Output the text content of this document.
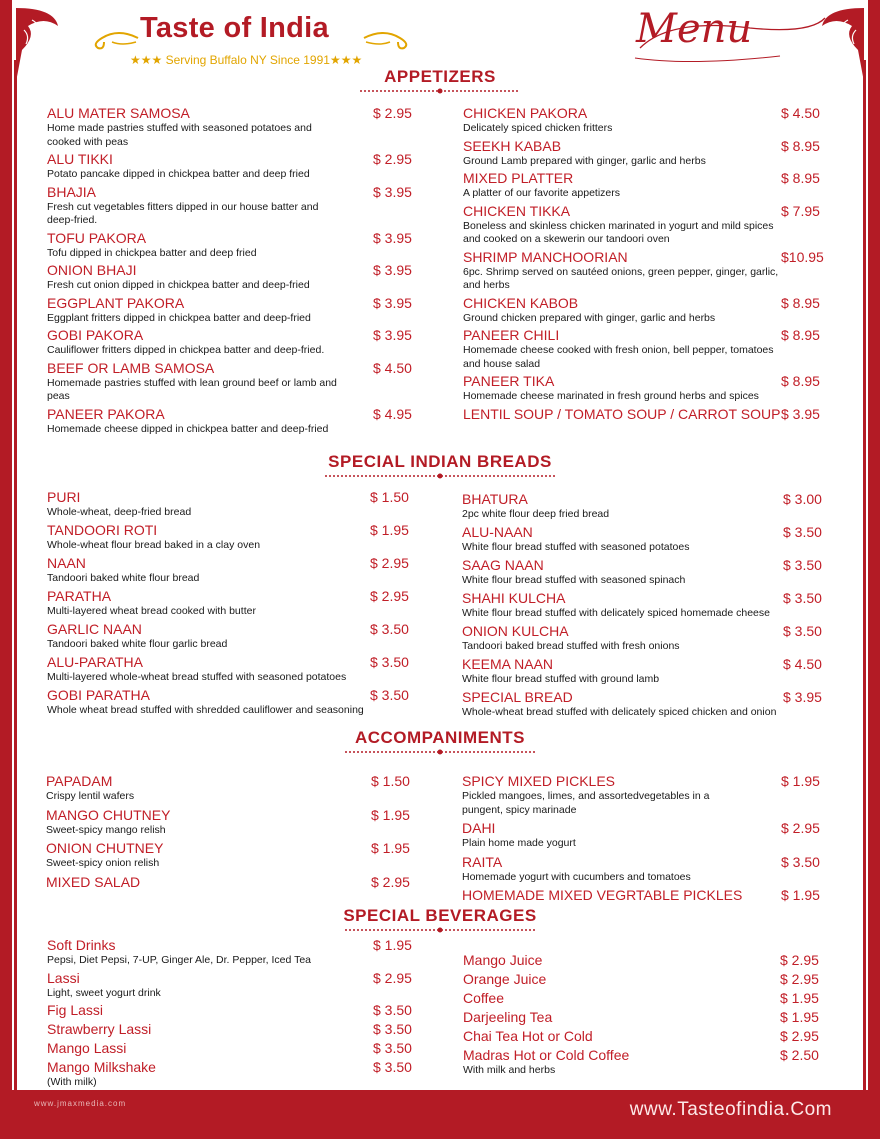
Taste of India
★★★ Serving Buffalo NY Since 1991★★★
Menu
APPETIZERS
SPECIAL INDIAN BREADS
ACCOMPANIMENTS
SPECIAL BEVERAGES
ALU MATER SAMOSA	$ 2.95
Home made pastries stuffed with seasoned potatoes and cooked with peas
ALU TIKKI	$ 2.95
Potato pancake dipped in chickpea batter and deep fried
BHAJIA	$ 3.95
Fresh cut vegetables fitters dipped in our house batter and deep-fried.
TOFU PAKORA	$ 3.95
Tofu dipped in chickpea batter and deep fried
ONION BHAJI	$ 3.95
Fresh cut onion dipped in chickpea batter and deep-fried
EGGPLANT PAKORA	$ 3.95
Eggplant fritters dipped in chickpea batter and deep-fried
GOBI PAKORA	$ 3.95
Cauliflower fritters dipped in chickpea batter and deep-fried.
BEEF OR LAMB SAMOSA	$ 4.50
Homemade pastries stuffed with lean ground beef or lamb and peas
PANEER PAKORA	$ 4.95
Homemade cheese dipped in chickpea batter and deep-fried
CHICKEN PAKORA	$ 4.50
Delicately spiced chicken fritters
SEEKH KABAB	$ 8.95
Ground Lamb prepared with ginger, garlic and herbs
MIXED PLATTER	$ 8.95
A platter of our favorite appetizers
CHICKEN TIKKA	$ 7.95
Boneless and skinless chicken marinated in yogurt and mild spices and cooked on a skewerin our tandoori oven
SHRIMP MANCHOORIAN	$10.95
6pc. Shrimp served on sautéed onions, green pepper, ginger, garlic, and herbs
CHICKEN KABOB	$ 8.95
Ground chicken prepared with ginger, garlic and herbs
PANEER CHILI	$ 8.95
Homemade cheese cooked with fresh onion, bell pepper, tomatoes and house salad
PANEER TIKA	$ 8.95
Homemade cheese marinated in fresh ground herbs and spices
LENTIL SOUP / TOMATO SOUP / CARROT SOUP $ 3.95
PURI	$ 1.50
Whole-wheat, deep-fried bread
TANDOORI ROTI	$ 1.95
Whole-wheat flour bread baked in a clay oven
NAAN	$ 2.95
Tandoori baked white flour bread
PARATHA	$ 2.95
Multi-layered wheat bread cooked with butter
GARLIC NAAN	$ 3.50
Tandoori baked white flour garlic bread
ALU-PARATHA	$ 3.50
Multi-layered whole-wheat bread stuffed with seasoned potatoes
GOBI PARATHA	$ 3.50
Whole wheat bread stuffed with shredded cauliflower and seasoning
BHATURA	$ 3.00
2pc white flour deep fried bread
ALU-NAAN	$ 3.50
White flour bread stuffed with seasoned potatoes
SAAG NAAN	$ 3.50
White flour bread stuffed with seasoned spinach
SHAHI KULCHA	$ 3.50
White flour bread stuffed with delicately spiced homemade cheese
ONION KULCHA	$ 3.50
Tandoori baked bread stuffed with fresh onions
KEEMA NAAN	$ 4.50
White flour bread stuffed with ground lamb
SPECIAL BREAD	$ 3.95
Whole-wheat bread stuffed with delicately spiced chicken and onion
PAPADAM	$ 1.50
Crispy lentil wafers
MANGO CHUTNEY	$ 1.95
Sweet-spicy mango relish
ONION CHUTNEY	$ 1.95
Sweet-spicy onion relish
MIXED SALAD	$ 2.95
SPICY MIXED PICKLES	$ 1.95
Pickled mangoes, limes, and assortedvegetables in a pungent, spicy marinade
DAHI	$ 2.95
Plain home made yogurt
RAITA	$ 3.50
Homemade yogurt with cucumbers and tomatoes
HOMEMADE MIXED VEGRTABLE PICKLES	$ 1.95
Soft Drinks	$ 1.95
Pepsi, Diet Pepsi, 7-UP, Ginger Ale, Dr. Pepper, Iced Tea
Lassi	$ 2.95
Light, sweet yogurt drink
Fig Lassi	$ 3.50
Strawberry Lassi	$ 3.50
Mango Lassi	$ 3.50
Mango Milkshake	$ 3.50
(With milk)
Mango Juice	$ 2.95
Orange Juice	$ 2.95
Coffee	$ 1.95
Darjeeling Tea	$ 1.95
Chai Tea Hot or Cold	$ 2.95
Madras Hot or Cold Coffee	$ 2.50
With milk and herbs
www.jmaxmedia.com	www.Tasteofindia.Com
